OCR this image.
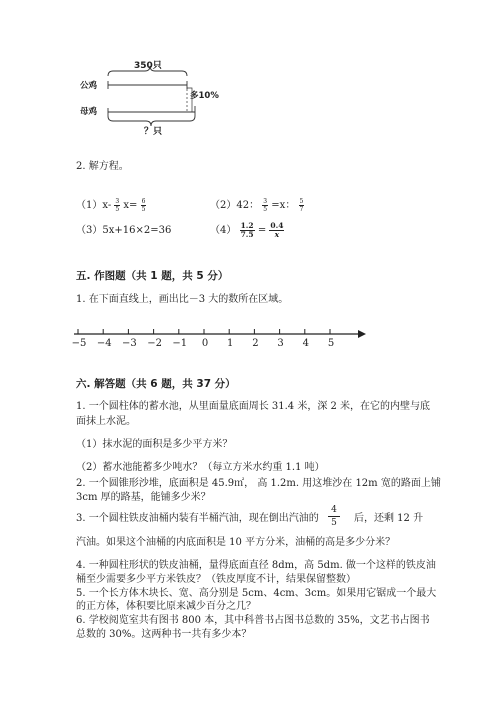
350只
公鸡
母鸡
多10%
？只
2. 解方程。
$(1)x- \frac{3}{5} x= \frac{6}{5}$	（2）42： $\frac{3}{5} =x$： $\frac{5}{7}$
（3）5x+16×2=36	$(4) \frac{1.2}{7.5} = \frac{0.4}{x}$
五. 作图题（共 1 题，共 5 分）
1. 在下面直线上，画出比－3 大的数所在区域。
−5 −4 −3 −2 −1	0	1	2	3	4	5
六. 解答题（共 6 题，共 37 分）
1. 一个圆柱体的蓄水池，从里面量底面周长 31.4 米，深 2 米，在它的内壁与底
面抹上水泥。
（1）抹水泥的面积是多少平方米？
（2）蓄水池能蓄多少吨水？（每立方米水约重 1.1 吨）
2. 一个圆锥形沙堆，底面积是 45.9㎡， 高 1.2m. 用这堆沙在 12m 宽的路面上铺
3cm 厚的路基，能铺多少米？
3. 一个圆柱铁皮油桶内装有半桶汽油，现在倒出汽油的 $\frac{4}{5}$ 后，还剩 12 升
汽油。如果这个油桶的内底面积是 10 平方分米，油桶的高是多少分米？
4. 一种圆柱形状的铁皮油桶，量得底面直径 8dm，高 5dm. 做一个这样的铁皮油
桶至少需要多少平方米铁皮？（铁皮厚度不计，结果保留整数）
5. 一个长方体木块长、宽、高分别是 5cm、4cm、3cm。如果用它锯成一个最大
的正方体，体积要比原来减少百分之几？
6. 学校阅览室共有图书 800 本，其中科普书占图书总数的 35%，文艺书占图书
总数的 30%。这两种书一共有多少本？
